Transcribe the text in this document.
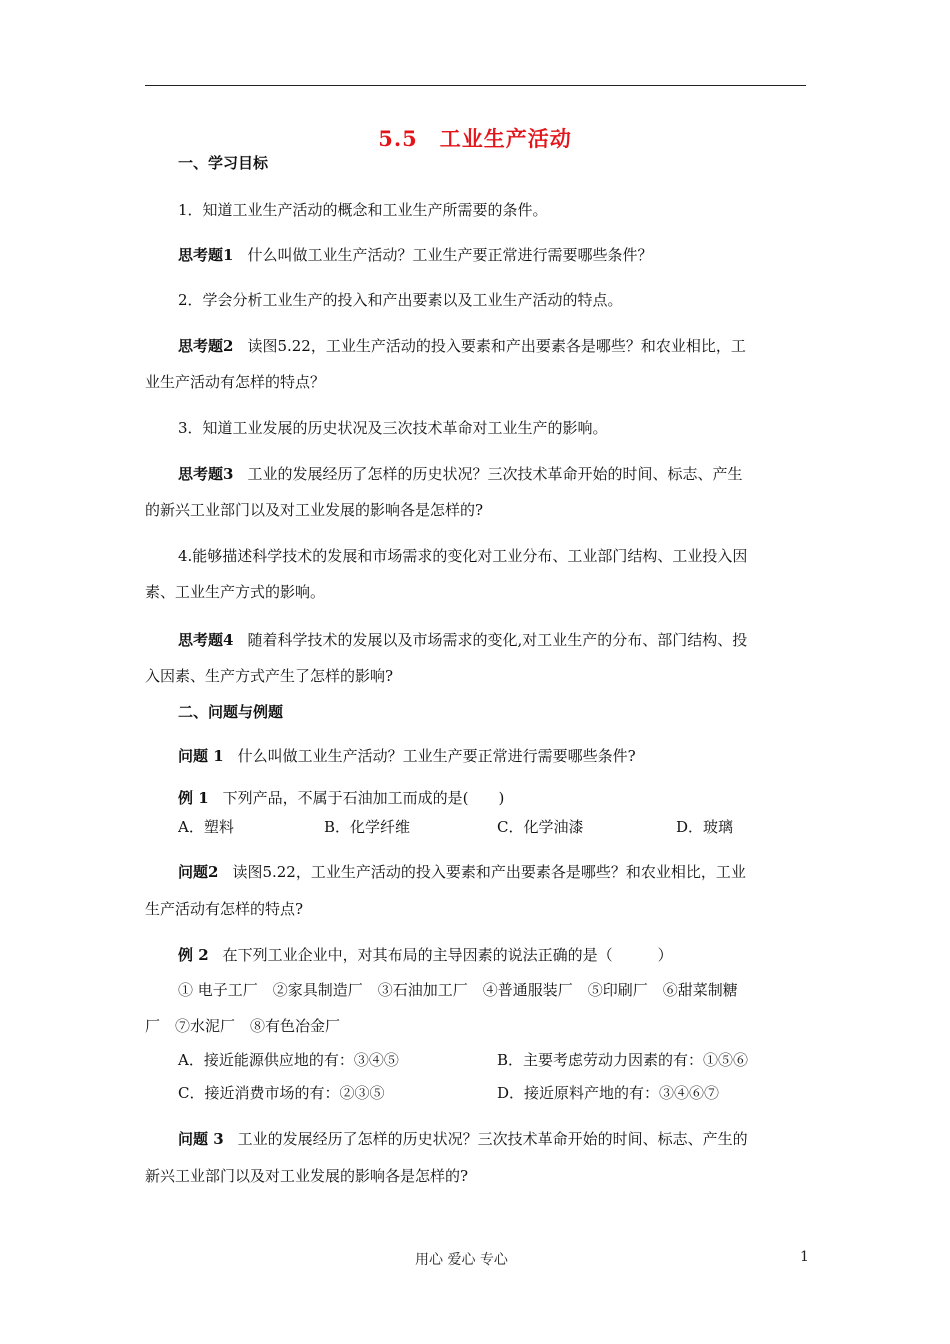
5.5　工业生产活动
一、学习目标
1．知道工业生产活动的概念和工业生产所需要的条件。
思考题1 什么叫做工业生产活动？工业生产要正常进行需要哪些条件？
2．学会分析工业生产的投入和产出要素以及工业生产活动的特点。
思考题2 读图5.22，工业生产活动的投入要素和产出要素各是哪些？和农业相比，工
业生产活动有怎样的特点？
3．知道工业发展的历史状况及三次技术革命对工业生产的影响。
思考题3 工业的发展经历了怎样的历史状况？三次技术革命开始的时间、标志、产生
的新兴工业部门以及对工业发展的影响各是怎样的?
4.能够描述科学技术的发展和市场需求的变化对工业分布、工业部门结构、工业投入因
素、工业生产方式的影响。
思考题4 随着科学技术的发展以及市场需求的变化,对工业生产的分布、部门结构、投
入因素、生产方式产生了怎样的影响?
二、问题与例题
问题 1 什么叫做工业生产活动？工业生产要正常进行需要哪些条件?
例 1 下列产品，不属于石油加工而成的是(　　)
A．塑料	B．化学纤维	C．化学油漆	D．玻璃
问题2 读图5.22，工业生产活动的投入要素和产出要素各是哪些？和农业相比，工业
生产活动有怎样的特点?
例 2 在下列工业企业中，对其布局的主导因素的说法正确的是（　　　）
① 电子工厂　②家具制造厂　③石油加工厂　④普通服装厂　⑤印刷厂　⑥甜菜制糖
厂　⑦水泥厂　⑧有色冶金厂
A．接近能源供应地的有：③④⑤	B．主要考虑劳动力因素的有：①⑤⑥
C．接近消费市场的有：②③⑤	D．接近原料产地的有：③④⑥⑦
问题 3 工业的发展经历了怎样的历史状况？三次技术革命开始的时间、标志、产生的
新兴工业部门以及对工业发展的影响各是怎样的?
用心 爱心 专心	1
